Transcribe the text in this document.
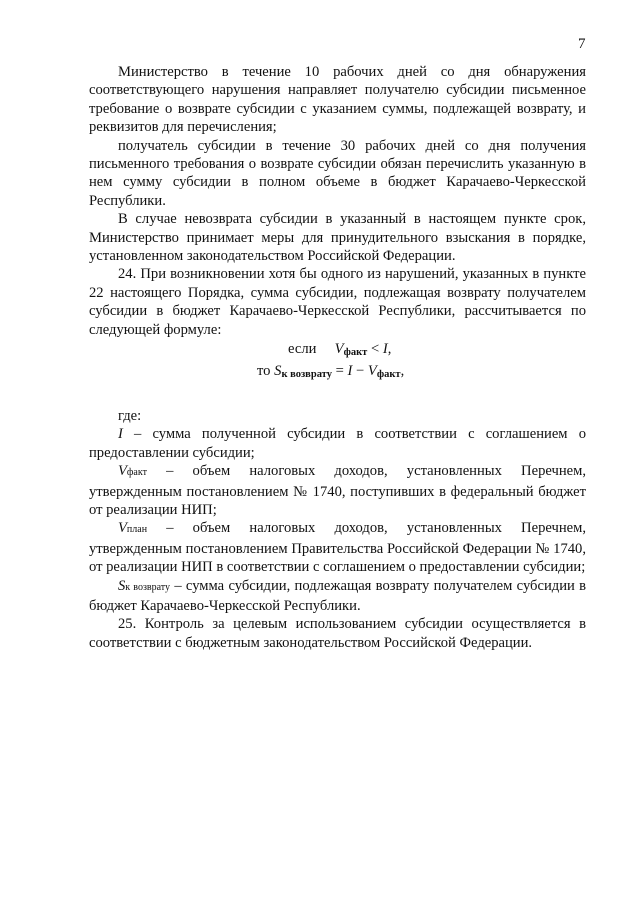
7

Министерство в течение 10 рабочих дней со дня обнаружения соответствующего нарушения направляет получателю субсидии письменное требование о возврате субсидии с указанием суммы, подлежащей возврату, и реквизитов для перечисления;

получатель субсидии в течение 30 рабочих дней со дня получения письменного требования о возврате субсидии обязан перечислить указанную в нем сумму субсидии в полном объеме в бюджет Карачаево-Черкесской Республики.

В случае невозврата субсидии в указанный в настоящем пункте срок, Министерство принимает меры для принудительного взыскания в порядке, установленном законодательством Российской Федерации.

24. При возникновении хотя бы одного из нарушений, указанных в пункте 22 настоящего Порядка, сумма субсидии, подлежащая возврату получателем субсидии в бюджет Карачаево-Черкесской Республики, рассчитывается по следующей формуле:

если Vфакт < I,
то Sк возврату = I − Vфакт,

где:

I – сумма полученной субсидии в соответствии с соглашением о предоставлении субсидии;

Vфакт – объем налоговых доходов, установленных Перечнем, утвержденным постановлением № 1740, поступивших в федеральный бюджет от реализации НИП;

Vплан – объем налоговых доходов, установленных Перечнем, утвержденным постановлением Правительства Российской Федерации № 1740, от реализации НИП в соответствии с соглашением о предоставлении субсидии;

Sк возврату – сумма субсидии, подлежащая возврату получателем субсидии в бюджет Карачаево-Черкесской Республики.

25. Контроль за целевым использованием субсидии осуществляется в соответствии с бюджетным законодательством Российской Федерации.
